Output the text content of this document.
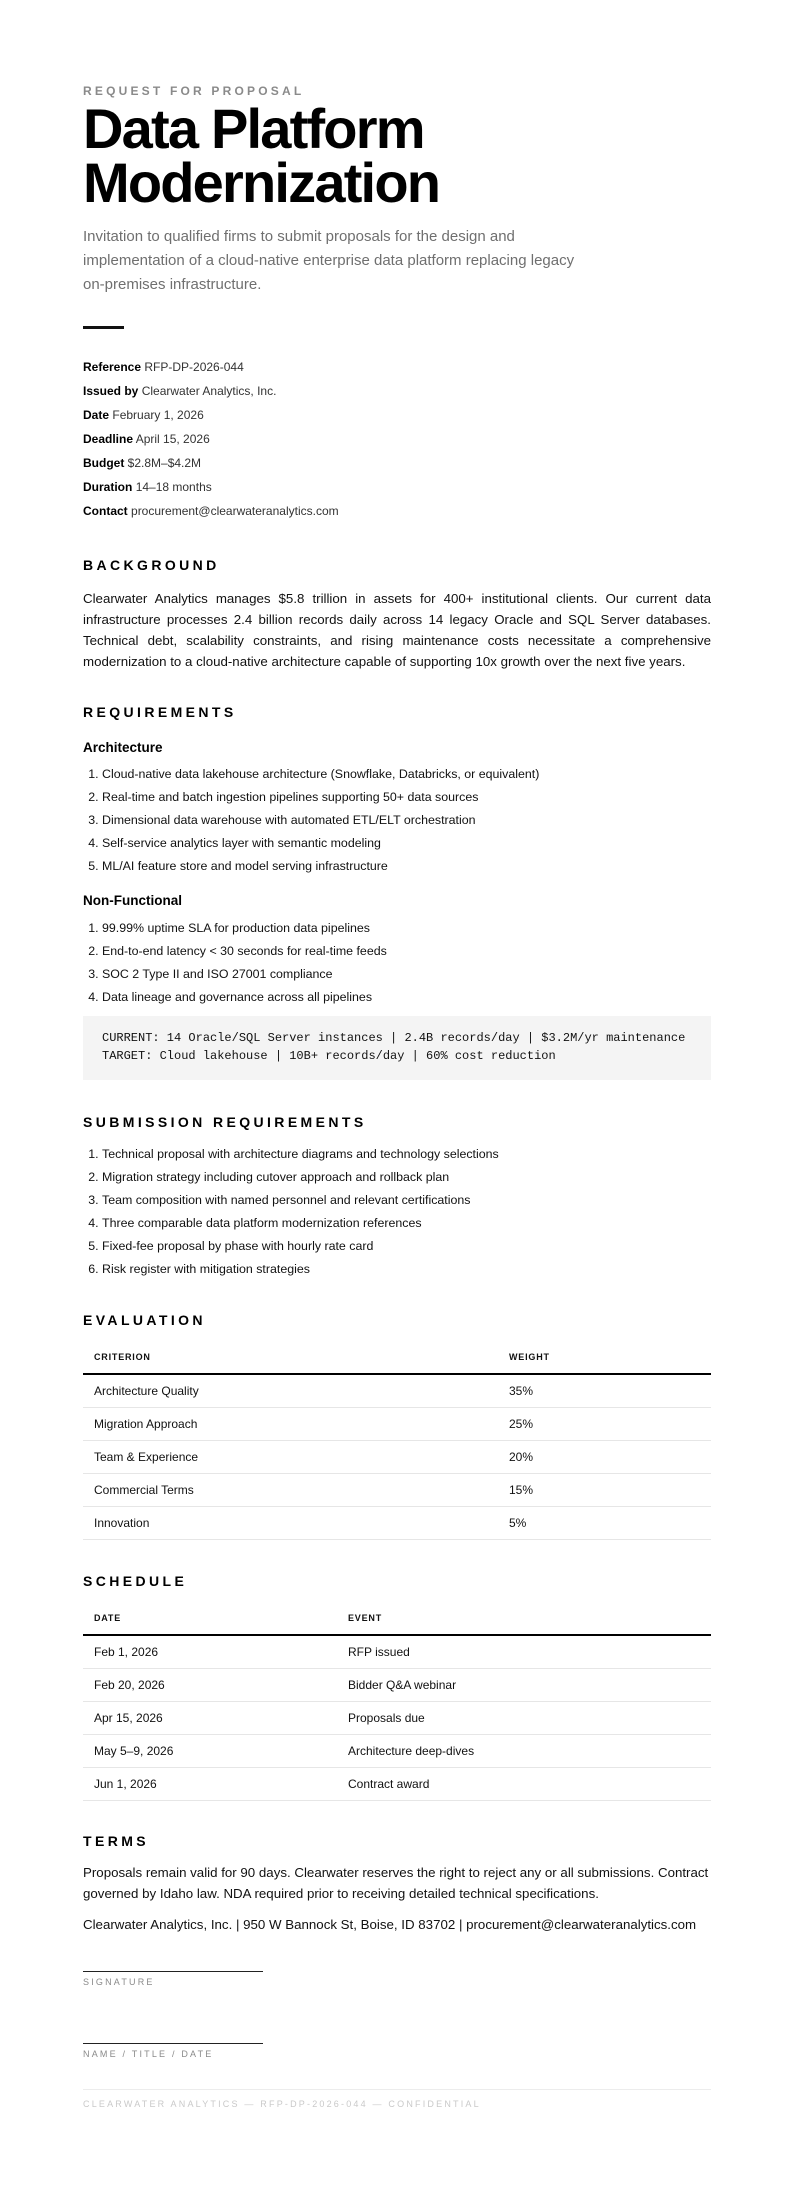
REQUEST FOR PROPOSAL
Data Platform
Modernization

Invitation to qualified firms to submit proposals for the design and implementation of a cloud-native enterprise data platform replacing legacy on-premises infrastructure.

Reference RFP-DP-2026-044
Issued by Clearwater Analytics, Inc.
Date February 1, 2026
Deadline April 15, 2026
Budget $2.8M–$4.2M
Duration 14–18 months
Contact procurement@clearwateranalytics.com
BACKGROUND

Clearwater Analytics manages $5.8 trillion in assets for 400+ institutional clients. Our current data infrastructure processes 2.4 billion records daily across 14 legacy Oracle and SQL Server databases. Technical debt, scalability constraints, and rising maintenance costs necessitate a comprehensive modernization to a cloud-native architecture capable of supporting 10x growth over the next five years.

REQUIREMENTS
Architecture
1. Cloud-native data lakehouse architecture (Snowflake, Databricks, or equivalent)
2. Real-time and batch ingestion pipelines supporting 50+ data sources
3. Dimensional data warehouse with automated ETL/ELT orchestration
4. Self-service analytics layer with semantic modeling
5. ML/AI feature store and model serving infrastructure
Non-Functional
1. 99.99% uptime SLA for production data pipelines
2. End-to-end latency < 30 seconds for real-time feeds
3. SOC 2 Type II and ISO 27001 compliance
4. Data lineage and governance across all pipelines
CURRENT: 14 Oracle/SQL Server instances | 2.4B records/day | $3.2M/yr maintenance
TARGET: Cloud lakehouse | 10B+ records/day | 60% cost reduction
SUBMISSION REQUIREMENTS
1. Technical proposal with architecture diagrams and technology selections
2. Migration strategy including cutover approach and rollback plan
3. Team composition with named personnel and relevant certifications
4. Three comparable data platform modernization references
5. Fixed-fee proposal by phase with hourly rate card
6. Risk register with mitigation strategies
EVALUATION
CRITERION	WEIGHT
Architecture Quality	35%
Migration Approach	25%
Team & Experience	20%
Commercial Terms	15%
Innovation	5%
SCHEDULE
DATE	EVENT
Feb 1, 2026	RFP issued
Feb 20, 2026	Bidder Q&A webinar
Apr 15, 2026	Proposals due
May 5–9, 2026	Architecture deep-dives
Jun 1, 2026	Contract award
TERMS

Proposals remain valid for 90 days. Clearwater reserves the right to reject any or all submissions. Contract governed by Idaho law. NDA required prior to receiving detailed technical specifications.

Clearwater Analytics, Inc. | 950 W Bannock St, Boise, ID 83702 | procurement@clearwateranalytics.com
SIGNATURE
NAME / TITLE / DATE
CLEARWATER ANALYTICS — RFP-DP-2026-044 — CONFIDENTIAL
